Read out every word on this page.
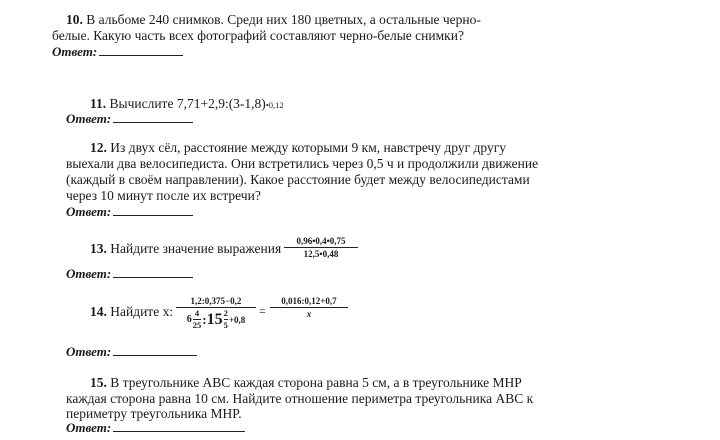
10. В альбоме 240 снимков. Среди них 180 цветных, а остальные черно-
белые. Какую часть всех фотографий составляют черно-белые снимки?
Ответ:
11. Вычислите 7,71+2,9:(3-1,8)•0,12
Ответ:
12. Из двух сёл, расстояние между которыми 9 км, навстречу друг другу
выехали два велосипедиста. Они встретились через 0,5 ч и продолжили движение
(каждый в своём направлении). Какое расстояние будет между велосипедистами
через 10 минут после их встречи?
Ответ:
13. Найдите значение выражения 0,96•0,4•0,75
12,5•0,48
Ответ:
14. Найдите x:
1,2:0,375−0,2
6
4
25 : 15 2
5
+0,8
=
0,016:0,12+0,7
x
Ответ:
15. В треугольнике ABC каждая сторона равна 5 см, а в треугольнике MHP
каждая сторона равна 10 см. Найдите отношение периметра треугольника ABC к
периметру треугольника MHP.
Ответ:
